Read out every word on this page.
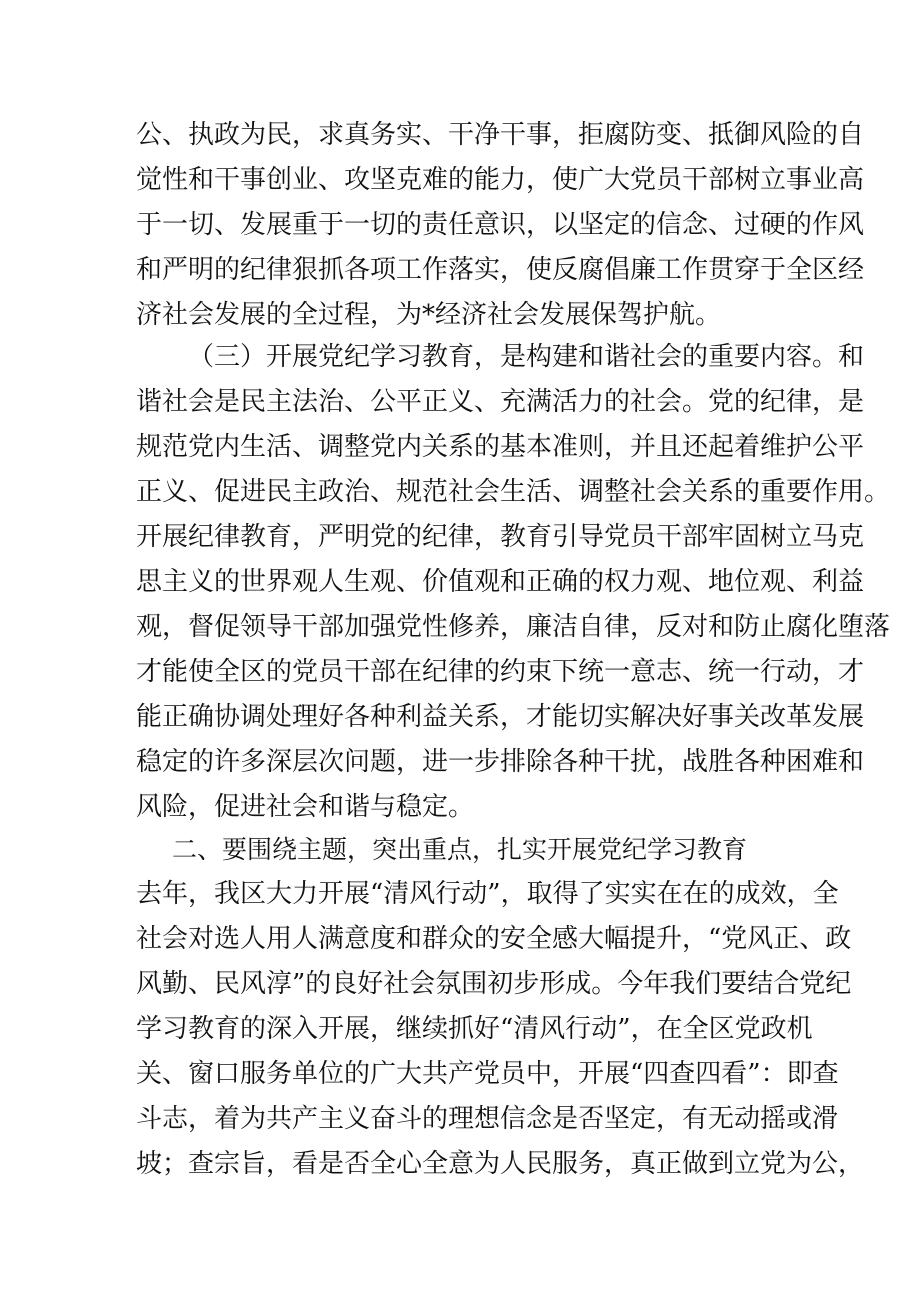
公、执政为民，求真务实、干净干事，拒腐防变、抵御风险的自
觉性和干事创业、攻坚克难的能力，使广大党员干部树立事业高
于一切、发展重于一切的责任意识，以坚定的信念、过硬的作风
和严明的纪律狠抓各项工作落实，使反腐倡廉工作贯穿于全区经
济社会发展的全过程，为*经济社会发展保驾护航。
（三）开展党纪学习教育，是构建和谐社会的重要内容。和
谐社会是民主法治、公平正义、充满活力的社会。党的纪律，是
规范党内生活、调整党内关系的基本准则，并且还起着维护公平
正义、促进民主政治、规范社会生活、调整社会关系的重要作用。
开展纪律教育，严明党的纪律，教育引导党员干部牢固树立马克
思主义的世界观人生观、价值观和正确的权力观、地位观、利益
观，督促领导干部加强党性修养，廉洁自律，反对和防止腐化堕落
才能使全区的党员干部在纪律的约束下统一意志、统一行动，才
能正确协调处理好各种利益关系，才能切实解决好事关改革发展
稳定的许多深层次问题，进一步排除各种干扰，战胜各种困难和
风险，促进社会和谐与稳定。
二、要围绕主题，突出重点，扎实开展党纪学习教育
去年，我区大力开展“清风行动”，取得了实实在在的成效，全
社会对选人用人满意度和群众的安全感大幅提升，“党风正、政
风勤、民风淳”的良好社会氛围初步形成。今年我们要结合党纪
学习教育的深入开展，继续抓好“清风行动”，在全区党政机
关、窗口服务单位的广大共产党员中，开展“四查四看”：即查
斗志，着为共产主义奋斗的理想信念是否坚定，有无动摇或滑
坡；查宗旨，看是否全心全意为人民服务，真正做到立党为公，
